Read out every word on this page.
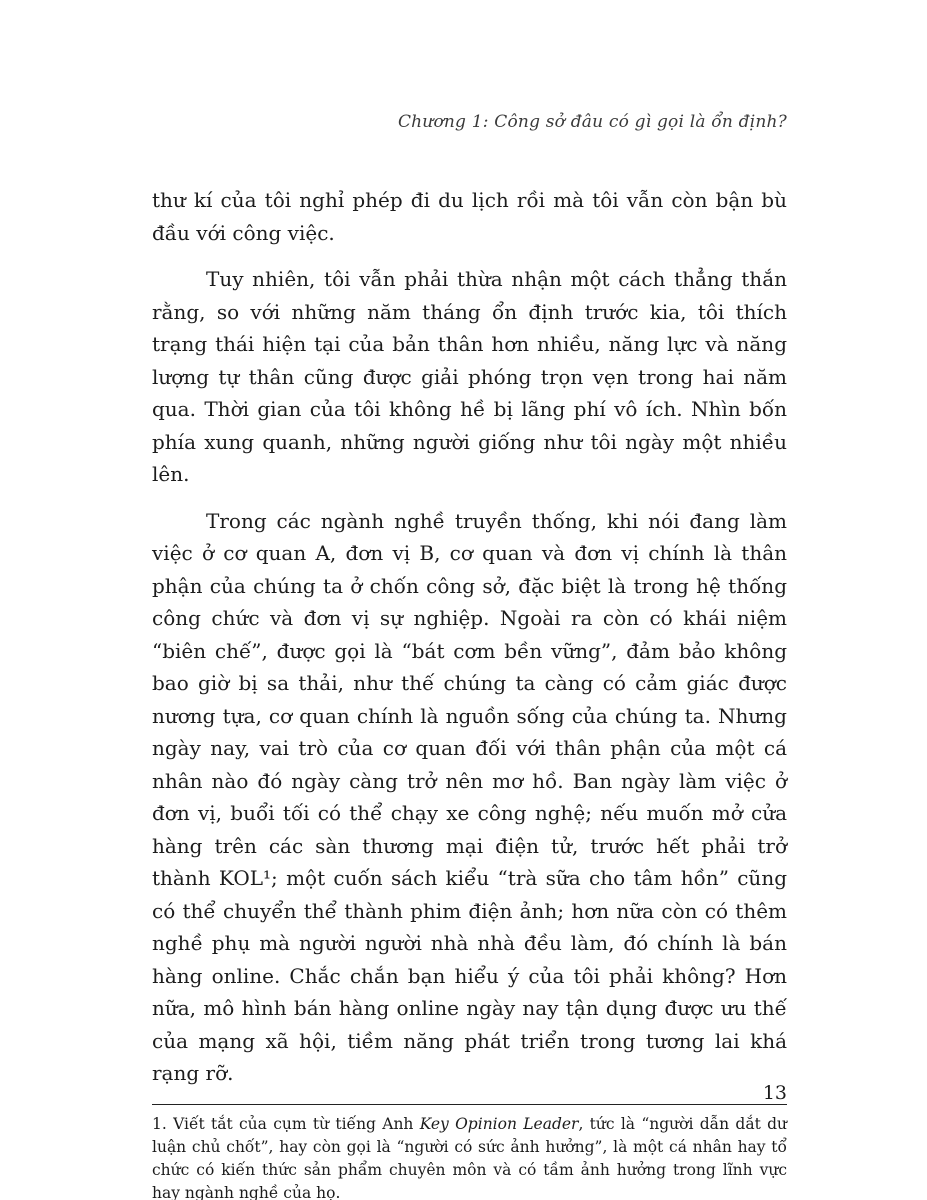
Chương 1: Công sở đâu có gì gọi là ổn định?

thư kí của tôi nghỉ phép đi du lịch rồi mà tôi vẫn còn bận bù đầu với công việc.

Tuy nhiên, tôi vẫn phải thừa nhận một cách thẳng thắn rằng, so với những năm tháng ổn định trước kia, tôi thích trạng thái hiện tại của bản thân hơn nhiều, năng lực và năng lượng tự thân cũng được giải phóng trọn vẹn trong hai năm qua. Thời gian của tôi không hề bị lãng phí vô ích. Nhìn bốn phía xung quanh, những người giống như tôi ngày một nhiều lên.

Trong các ngành nghề truyền thống, khi nói đang làm việc ở cơ quan A, đơn vị B, cơ quan và đơn vị chính là thân phận của chúng ta ở chốn công sở, đặc biệt là trong hệ thống công chức và đơn vị sự nghiệp. Ngoài ra còn có khái niệm “biên chế”, được gọi là “bát cơm bền vững”, đảm bảo không bao giờ bị sa thải, như thế chúng ta càng có cảm giác được nương tựa, cơ quan chính là nguồn sống của chúng ta. Nhưng ngày nay, vai trò của cơ quan đối với thân phận của một cá nhân nào đó ngày càng trở nên mơ hồ. Ban ngày làm việc ở đơn vị, buổi tối có thể chạy xe công nghệ; nếu muốn mở cửa hàng trên các sàn thương mại điện tử, trước hết phải trở thành KOL¹; một cuốn sách kiểu “trà sữa cho tâm hồn” cũng có thể chuyển thể thành phim điện ảnh; hơn nữa còn có thêm nghề phụ mà người người nhà nhà đều làm, đó chính là bán hàng online. Chắc chắn bạn hiểu ý của tôi phải không? Hơn nữa, mô hình bán hàng online ngày nay tận dụng được ưu thế của mạng xã hội, tiềm năng phát triển trong tương lai khá rạng rỡ.

1. Viết tắt của cụm từ tiếng Anh Key Opinion Leader, tức là “người dẫn dắt dư luận chủ chốt”, hay còn gọi là “người có sức ảnh hưởng”, là một cá nhân hay tổ chức có kiến thức sản phẩm chuyên môn và có tầm ảnh hưởng trong lĩnh vực hay ngành nghề của họ.

13
